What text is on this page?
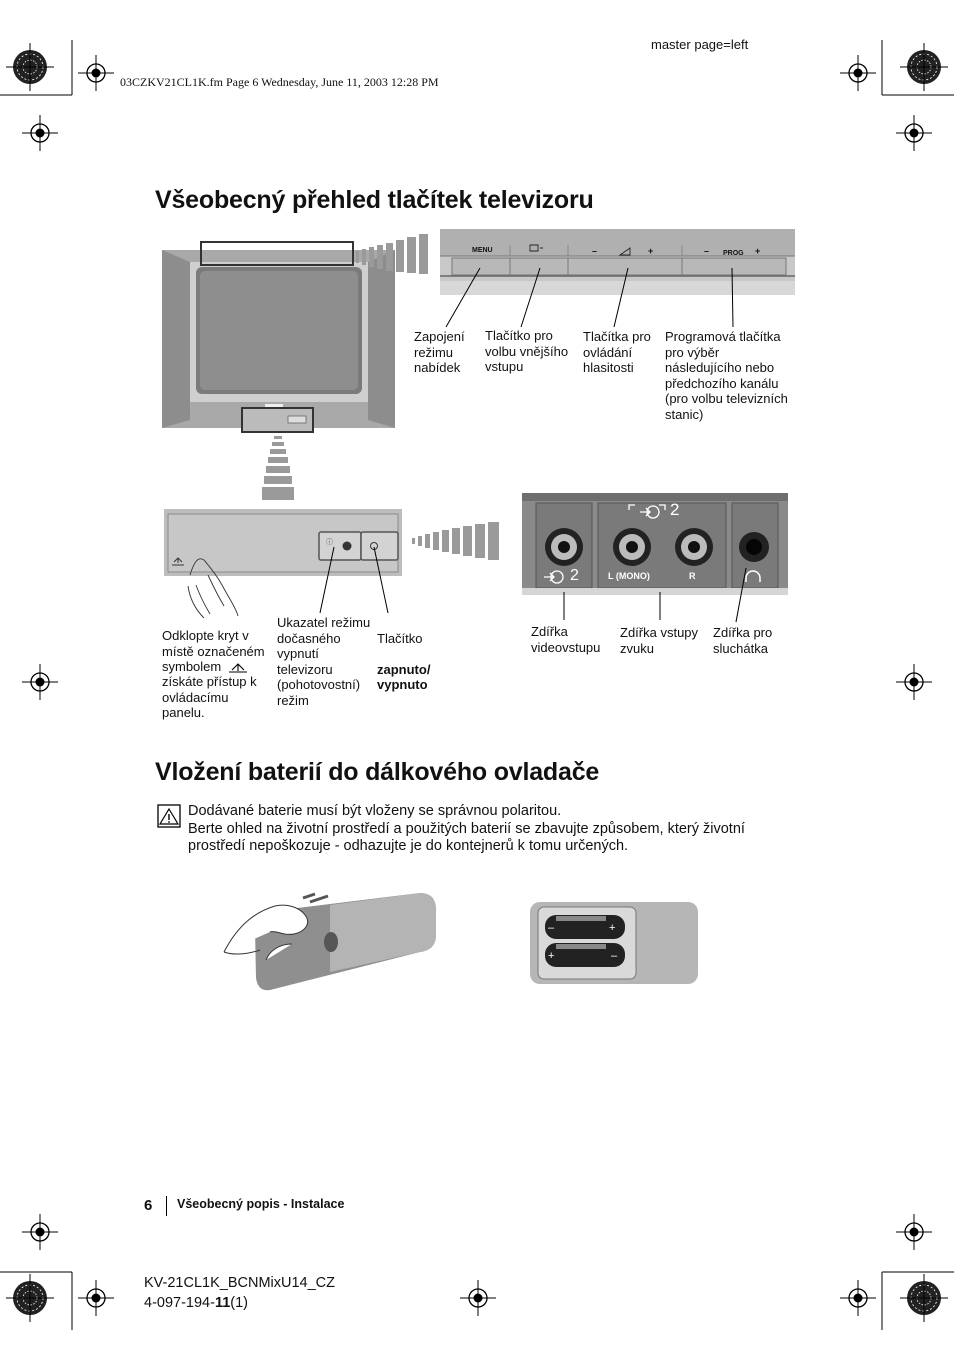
master page=left
03CZKV21CL1K.fm Page 6 Wednesday, June 11, 2003 12:28 PM
Všeobecný přehled tlačítek televizoru
MENU	–	+	– PROG +
Zapojení
režimu
nabídek
Tlačítko pro
volbu vnějšího
vstupu
Tlačítka pro
ovládání
hlasitosti
Programová tlačítka
pro výběr
následujícího nebo
předchozího kanálu
(pro volbu televizních
stanic)
ⓘ
Odklopte kryt v
místě označeném
symbolem
získáte přístup k
ovládacímu
panelu.
Ukazatel režimu
dočasného
vypnutí
televizoru
(pohotovostní)
režim

Tlačítko

zapnuto/
vypnuto

2
2	L (MONO)	R
Zdířka
videovstupu
Zdířka vstupy
zvuku
Zdířka pro
sluchátka
Vložení baterií do dálkového ovladače
Dodávané baterie musí být vloženy se správnou polaritou.
Berte ohled na životní prostředí a použitých baterií se zbavujte způsobem, který životní
prostředí nepoškozuje - odhazujte je do kontejnerů k tomu určených.
–	+
+	–
6 Všeobecný popis - Instalace
KV-21CL1K_BCNMixU14_CZ
4-097-194-11(1)
